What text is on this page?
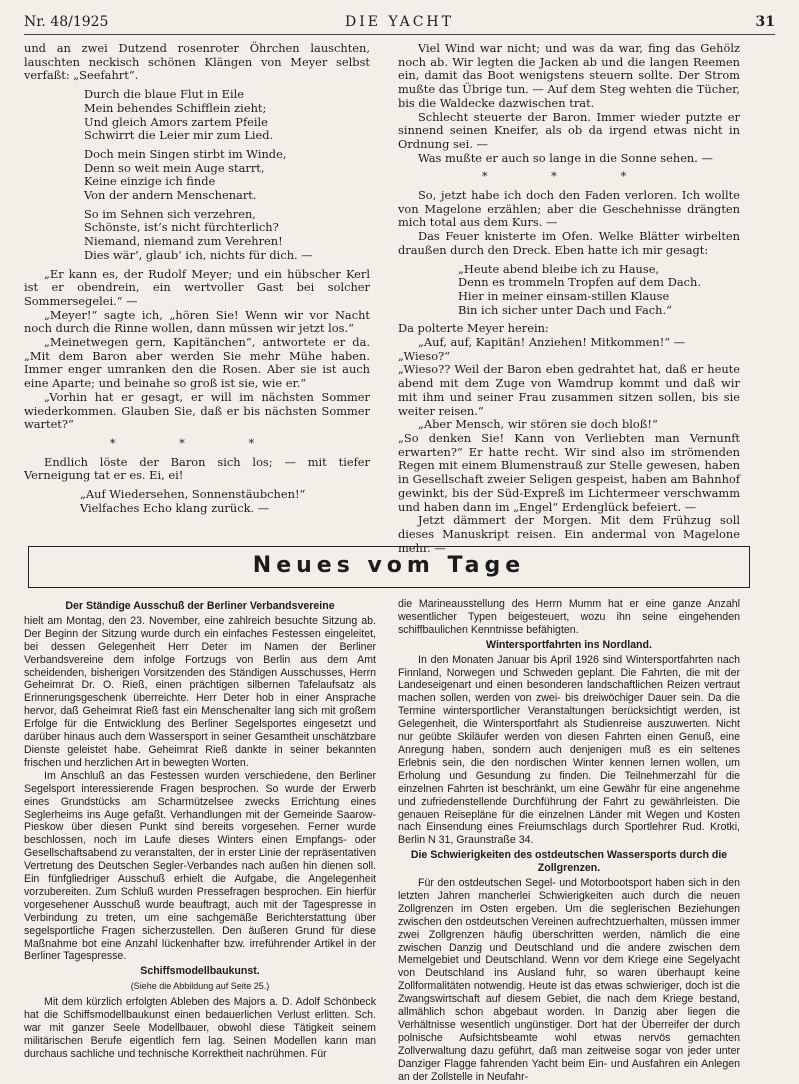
Nr. 48/1925	DIE YACHT	31

und an zwei Dutzend rosenroter Öhrchen lauschten, lauschten neckisch schönen Klängen von Meyer selbst verfaßt: „Seefahrt“.

Durch die blaue Flut in Eile
Mein behendes Schifflein zieht;
Und gleich Amors zartem Pfeile
Schwirrt die Leier mir zum Lied.
Doch mein Singen stirbt im Winde,
Denn so weit mein Auge starrt,
Keine einzige ich finde
Von der andern Menschenart.
So im Sehnen sich verzehren,
Schönste, ist’s nicht fürchterlich?
Niemand, niemand zum Verehren!
Dies wär’, glaub’ ich, nichts für dich. —

„Er kann es, der Rudolf Meyer; und ein hübscher Kerl ist er obendrein, ein wertvoller Gast bei solcher Sommersegelei.“ —

„Meyer!“ sagte ich, „hören Sie! Wenn wir vor Nacht noch durch die Rinne wollen, dann müssen wir jetzt los.“

„Meinetwegen gern, Kapitänchen“, antwortete er da. „Mit dem Baron aber werden Sie mehr Mühe haben. Immer enger umranken den die Rosen. Aber sie ist auch eine Aparte; und beinahe so groß ist sie, wie er.“

„Vorhin hat er gesagt, er will im nächsten Sommer wiederkommen. Glauben Sie, daß er bis nächsten Sommer wartet?“

* * *

Endlich löste der Baron sich los; — mit tiefer Verneigung tat er es. Ei, ei!

„Auf Wiedersehen, Sonnenstäubchen!“
Vielfaches Echo klang zurück. —

Viel Wind war nicht; und was da war, fing das Gehölz noch ab. Wir legten die Jacken ab und die langen Reemen ein, damit das Boot wenigstens steuern sollte. Der Strom mußte das Übrige tun. — Auf dem Steg wehten die Tücher, bis die Waldecke dazwischen trat.

Schlecht steuerte der Baron. Immer wieder putzte er sinnend seinen Kneifer, als ob da irgend etwas nicht in Ordnung sei. —

Was mußte er auch so lange in die Sonne sehen. —

* * *

So, jetzt habe ich doch den Faden verloren. Ich wollte von Magelone erzählen; aber die Geschehnisse drängten mich total aus dem Kurs. —

Das Feuer knisterte im Ofen. Welke Blätter wirbelten draußen durch den Dreck. Eben hatte ich mir gesagt:

„Heute abend bleibe ich zu Hause,
Denn es trommeln Tropfen auf dem Dach.
Hier in meiner einsam-stillen Klause
Bin ich sicher unter Dach und Fach.“

Da polterte Meyer herein:

„Auf, auf, Kapitän! Anziehen! Mitkommen!“ —

„Wieso?“

„Wieso?? Weil der Baron eben gedrahtet hat, daß er heute abend mit dem Zuge von Wamdrup kommt und daß wir mit ihm und seiner Frau zusammen sitzen sollen, bis sie weiter reisen.“

„Aber Mensch, wir stören sie doch bloß!“

„So denken Sie! Kann von Verliebten man Vernunft erwarten?“ Er hatte recht. Wir sind also im strömenden Regen mit einem Blumenstrauß zur Stelle gewesen, haben in Gesellschaft zweier Seligen gespeist, haben am Bahnhof gewinkt, bis der Süd-Expreß im Lichtermeer verschwamm und haben dann im „Engel“ Erdenglück befeiert. —

Jetzt dämmert der Morgen. Mit dem Frühzug soll dieses Manuskript reisen. Ein andermal von Magelone mehr. —

Neues vom Tage

Der Ständige Ausschuß der Berliner Verbandsvereine

hielt am Montag, den 23. November, eine zahlreich besuchte Sitzung ab. Der Beginn der Sitzung wurde durch ein einfaches Festessen eingeleitet, bei dessen Gelegenheit Herr Deter im Namen der Berliner Verbandsvereine dem infolge Fortzugs von Berlin aus dem Amt scheidenden, bisherigen Vorsitzenden des Ständigen Ausschusses, Herrn Geheimrat Dr. O. Rieß, einen prächtigen silbernen Tafelaufsatz als Erinnerungsgeschenk überreichte. Herr Deter hob in einer Ansprache hervor, daß Geheimrat Rieß fast ein Menschenalter lang sich mit großem Erfolge für die Entwicklung des Berliner Segelsportes eingesetzt und darüber hinaus auch dem Wassersport in seiner Gesamtheit unschätzbare Dienste geleistet habe. Geheimrat Rieß dankte in seiner bekannten frischen und herzlichen Art in bewegten Worten.

Im Anschluß an das Festessen wurden verschiedene, den Berliner Segelsport interessierende Fragen besprochen. So wurde der Erwerb eines Grundstücks am Scharmützelsee zwecks Errichtung eines Seglerheims ins Auge gefaßt. Verhandlungen mit der Gemeinde Saarow-Pieskow über diesen Punkt sind bereits vorgesehen. Ferner wurde beschlossen, noch im Laufe dieses Winters einen Empfangs- oder Gesellschaftsabend zu veranstalten, der in erster Linie der repräsentativen Vertretung des Deutschen Segler-Verbandes nach außen hin dienen soll. Ein fünfgliedriger Ausschuß erhielt die Aufgabe, die Angelegenheit vorzubereiten. Zum Schluß wurden Pressefragen besprochen. Ein hierfür vorgesehener Ausschuß wurde beauftragt, auch mit der Tagespresse in Verbindung zu treten, um eine sachgemäße Berichterstattung über segelsportliche Fragen sicherzustellen. Den äußeren Grund für diese Maßnahme bot eine Anzahl lückenhafter bzw. irreführender Artikel in der Berliner Tagespresse.

Schiffsmodellbaukunst.

(Siehe die Abbildung auf Seite 25.)

Mit dem kürzlich erfolgten Ableben des Majors a. D. Adolf Schönbeck hat die Schiffsmodellbaukunst einen bedauerlichen Verlust erlitten. Sch. war mit ganzer Seele Modellbauer, obwohl diese Tätigkeit seinem militärischen Berufe eigentlich fern lag. Seinen Modellen kann man durchaus sachliche und technische Korrektheit nachrühmen. Für

die Marineausstellung des Herrn Mumm hat er eine ganze Anzahl wesentlicher Typen beigesteuert, wozu ihn seine eingehenden schiffbaulichen Kenntnisse befähigten.

Wintersportfahrten ins Nordland.

In den Monaten Januar bis April 1926 sind Wintersportfahrten nach Finnland, Norwegen und Schweden geplant. Die Fahrten, die mit der Landeseigenart und einen besonderen landschaftlichen Reizen vertraut machen sollen, werden von zwei- bis dreiwöchiger Dauer sein. Da die Termine wintersportlicher Veranstaltungen berücksichtigt werden, ist Gelegenheit, die Wintersportfahrt als Studienreise auszuwerten. Nicht nur geübte Skiläufer werden von diesen Fahrten einen Genuß, eine Anregung haben, sondern auch denjenigen muß es ein seltenes Erlebnis sein, die den nordischen Winter kennen lernen wollen, um Erholung und Gesundung zu finden. Die Teilnehmerzahl für die einzelnen Fahrten ist beschränkt, um eine Gewähr für eine angenehme und zufriedenstellende Durchführung der Fahrt zu gewährleisten. Die genauen Reisepläne für die einzelnen Länder mit Wegen und Kosten nach Einsendung eines Freiumschlags durch Sportlehrer Rud. Krotki, Berlin N 31, Graunstraße 34.

Die Schwierigkeiten des ostdeutschen Wassersports durch die Zollgrenzen.

Für den ostdeutschen Segel- und Motorbootsport haben sich in den letzten Jahren mancherlei Schwierigkeiten auch durch die neuen Zollgrenzen im Osten ergeben. Um die seglerischen Beziehungen zwischen den ostdeutschen Vereinen aufrechtzuerhalten, müssen immer zwei Zollgrenzen häufig überschritten werden, nämlich die eine zwischen Danzig und Deutschland und die andere zwischen dem Memelgebiet und Deutschland. Wenn vor dem Kriege eine Segelyacht von Deutschland ins Ausland fuhr, so waren überhaupt keine Zollformalitäten notwendig. Heute ist das etwas schwieriger, doch ist die Zwangswirtschaft auf diesem Gebiet, die nach dem Kriege bestand, allmählich schon abgebaut worden. In Danzig aber liegen die Verhältnisse wesentlich ungünstiger. Dort hat der Überreifer der durch polnische Aufsichtsbeamte wohl etwas nervös gemachten Zollverwaltung dazu geführt, daß man zeitweise sogar von jeder unter Danziger Flagge fahrenden Yacht beim Ein- und Ausfahren ein Anlegen an der Zollstelle in Neufahr-
